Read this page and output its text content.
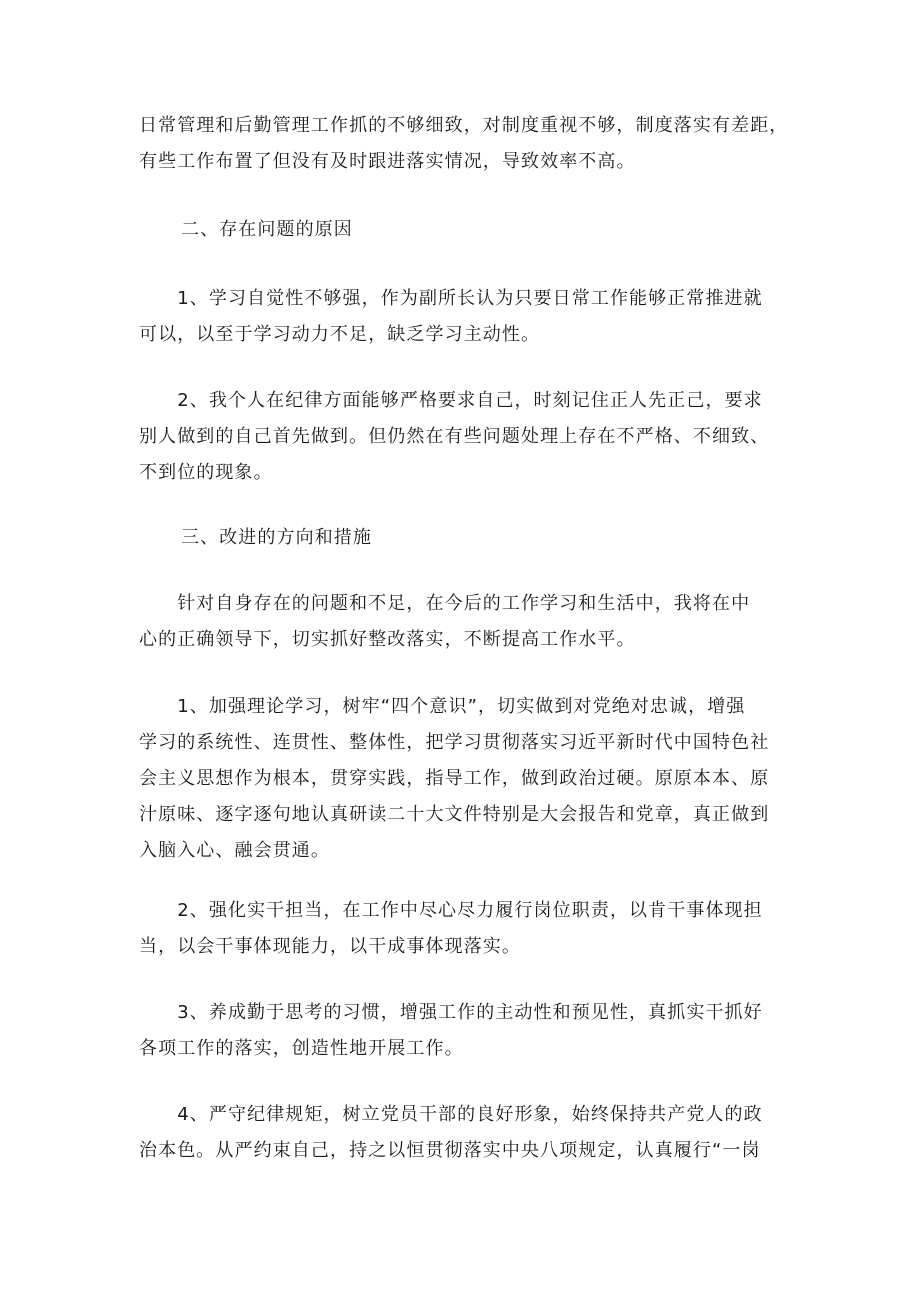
日常管理和后勤管理工作抓的不够细致，对制度重视不够，制度落实有差距，
有些工作布置了但没有及时跟进落实情况，导致效率不高。

二、存在问题的原因

　　1、学习自觉性不够强，作为副所长认为只要日常工作能够正常推进就
可以，以至于学习动力不足，缺乏学习主动性。

　　2、我个人在纪律方面能够严格要求自己，时刻记住正人先正己，要求
别人做到的自己首先做到。但仍然在有些问题处理上存在不严格、不细致、
不到位的现象。

三、改进的方向和措施

　　针对自身存在的问题和不足，在今后的工作学习和生活中，我将在中
心的正确领导下，切实抓好整改落实，不断提高工作水平。

　　1、加强理论学习，树牢“四个意识”，切实做到对党绝对忠诚，增强
学习的系统性、连贯性、整体性，把学习贯彻落实习近平新时代中国特色社
会主义思想作为根本，贯穿实践，指导工作，做到政治过硬。原原本本、原
汁原味、逐字逐句地认真研读二十大文件特别是大会报告和党章，真正做到
入脑入心、融会贯通。

　　2、强化实干担当，在工作中尽心尽力履行岗位职责，以肯干事体现担
当，以会干事体现能力，以干成事体现落实。

　　3、养成勤于思考的习惯，增强工作的主动性和预见性，真抓实干抓好
各项工作的落实，创造性地开展工作。

　　4、严守纪律规矩，树立党员干部的良好形象，始终保持共产党人的政
治本色。从严约束自己，持之以恒贯彻落实中央八项规定，认真履行“一岗
